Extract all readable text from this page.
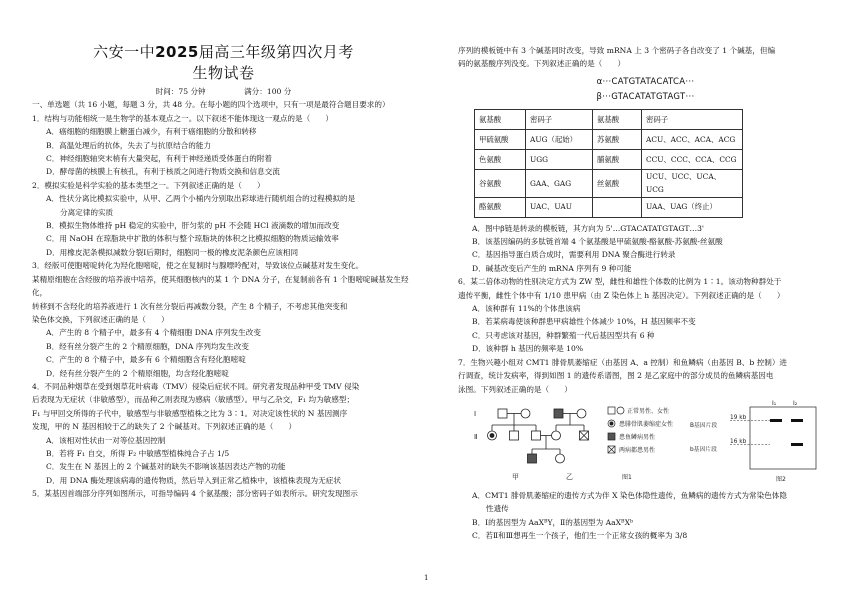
六安一中2025届高三年级第四次月考
生物试卷
时间：75 分钟	满分：100 分

一、单选题（共 16 小题，每题 3 分，共 48 分。在每小题的四个选项中，只有一项是最符合题目要求的）

1．结构与功能相统一是生物学的基本观点之一。以下叙述不能体现这一观点的是（　　）

A．癌细胞的细胞膜上糖蛋白减少，有利于癌细胞的分散和转移

B．高温处理后的抗体，失去了与抗原结合的能力

C．神经细胞轴突末梢有大量突起，有利于神经递质受体蛋白的附着

D．酵母菌的核膜上有核孔，有利于核质之间进行物质交换和信息交流

2．模拟实验是科学实验的基本类型之一。下列叙述正确的是（　　）

A．性状分离比模拟实验中，从甲、乙两个小桶内分别取出彩球进行随机组合的过程模拟的是

分离定律的实质

B．模拟生物体维持 pH 稳定的实验中，肝匀浆的 pH 不会随 HCl 液滴数的增加而改变

C．用 NaOH 在琼脂块中扩散的体积与整个琼脂块的体积之比模拟细胞的物质运输效率

D．用橡皮泥条模拟减数分裂Ⅰ后期时，细胞同一极的橡皮泥条颜色应该相同

3．经版可使胞嘧啶转化为羟化胞嘧啶，使之在复制时与腺嘌呤配对，导致该位点碱基对发生变化。

某精原细胞在含经胺的培养液中培养，使其细胞核内的某 1 个 DNA 分子，在复制前各有 1 个胞嘧啶碱基发生羟化，

转移到不含羟化的培养液进行 1 次有丝分裂后再减数分裂，产生 8 个精子，不考虑其他突变和

染色体交换，下列叙述正确的是（　　）

A．产生的 8 个精子中，最多有 4 个精细胞 DNA 序列发生改变

B．经有丝分裂产生的 2 个精原细胞，DNA 序列均发生改变

C．产生的 8 个精子中，最多有 6 个精细胞含有羟化胞嘧啶

D．经有丝分裂产生的 2 个精原细胞，均含羟化胞嘧啶

4．不同品种烟草在受到烟草花叶病毒（TMV）侵染后症状不同。研究者发现品种甲受 TMV 侵染

后表现为无症状（非敏感型），而品种乙则表现为感病（敏感型）。甲与乙杂交，F₁ 均为敏感型；

F₁ 与甲回交所得的子代中，敏感型与非敏感型植株之比为 3∶1。对决定该性状的 N 基因测序

发现，甲的 N 基因相较于乙的缺失了 2 个碱基对。下列叙述正确的是（　　）

A．该相对性状由一对等位基因控制

B．若将 F₁ 自交，所得 F₂ 中敏感型植株纯合子占 1/5

C．发生在 N 基因上的 2 个碱基对的缺失不影响该基因表达产物的功能

D．用 DNA 酶处理该病毒的遗传物质，然后导入到正常乙植株中，该植株表现为无症状

5．某基因首端部分序列如图所示，可指导编码 4 个氨基酸；部分密码子如表所示。研究发现图示

序列的模板链中有 3 个碱基同时改变，导致 mRNA 上 3 个密码子各自改变了 1 个碱基，但编

码的氨基酸序列没变。下列叙述正确的是（　　）

α···CATGTATACATCA···
β···GTACATATGTAGT···
氨基酸	密码子	氨基酸	密码子
甲硫氨酸	AUG（起始）	苏氨酸	ACU、ACC、ACA、ACG
色氨酸	UGG	脯氨酸	CCU、CCC、CCA、CCG
谷氨酸	GAA、GAG	丝氨酸	UCU、UCC、UCA、UCG
酪氨酸	UAC、UAU		UAA、UAG（终止）

A．图中β链是转录的模板链，其方向为 5'…GTACATATGTAGT…3'

B．该基因编码的多肽链首端 4 个氨基酸是甲硫氨酸-酪氨酸-苏氨酸-丝氨酸

C．基因指导蛋白质合成时，需要利用 DNA 聚合酶进行转录

D．碱基改变后产生的 mRNA 序列有 9 种可能

6．某二倍体动物的性别决定方式为 ZW 型，雌性和雄性个体数的比例为 1∶1。该动物种群处于

遗传平衡，雌性个体中有 1/10 患甲病（由 Z 染色体上 h 基因决定）。下列叙述正确的是（　　）

A．该种群有 11%的个体患该病

B．若某病毒使该种群患甲病雄性个体减少 10%，H 基因频率不变

C．只考虑该对基因，种群繁殖一代后基因型共有 6 种

D．该种群 h 基因的频率是 10%

7．生物兴趣小组对 CMT1 腓骨肌萎缩症（由基因 A、a 控制）和鱼鳞病（由基因 B、b 控制）进

行调查，统计发病率，得到如图 1 的遗传系谱图，图 2 是乙家庭中的部分成员的鱼鳞病基因电

泳图。下列叙述正确的是（　　）

Ⅰ
Ⅱ
甲	乙
正常男性、女性
患腓骨肌萎缩症女性
患鱼鳞病男性
两病都患男性
图1
I₁	I₂
19 kb
B基因片段
16 kb
b基因片段
图2

A．CMT1 腓骨肌萎缩症的遗传方式为伴 X 染色体隐性遗传，鱼鳞病的遗传方式为常染色体隐

性遗传

B．Ⅰ的基因型为 AaXᴮY，Ⅱ的基因型为 AaXᴮXᵇ

C．若Ⅱ和Ⅲ想再生一个孩子，他们生一个正常女孩的概率为 3/8

1
